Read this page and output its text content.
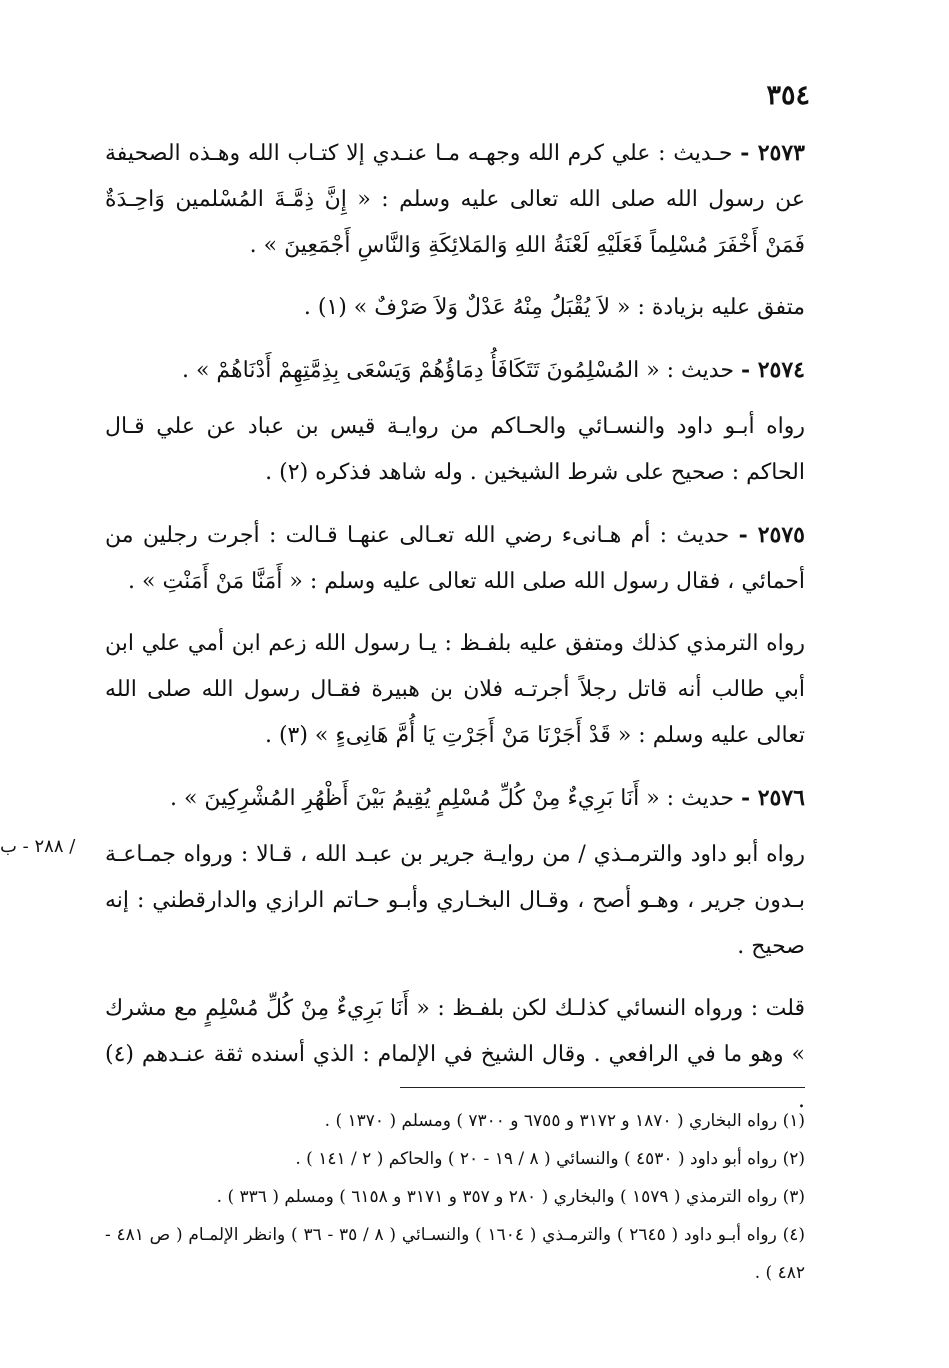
٣٥٤

٢٥٧٣ - حـديث : علي كرم الله وجهـه مـا عنـدي إلا كتـاب الله وهـذه الصحيفة عن رسول الله صلى الله تعالى عليه وسلم : « إِنَّ ذِمَّـةَ المُسْلمين وَاحِـدَةٌ فَمَنْ أَخْفَرَ مُسْلِماً فَعَلَيْهِ لَعْنَةُ اللهِ وَالمَلائِكَةِ وَالنَّاسِ أَجْمَعِينَ » .

متفق عليه بزيادة : « لاَ يُقْبَلُ مِنْهُ عَدْلٌ وَلاَ صَرْفٌ » (١) .

٢٥٧٤ - حديث : « المُسْلِمُونَ تَتَكَافَأُ دِمَاؤُهُمْ وَيَسْعَى بِذِمَّتِهِمْ أَدْنَاهُمْ » .

رواه أبـو داود والنسـائي والحـاكم من روايـة قيس بن عباد عن علي قـال الحاكم : صحيح على شرط الشيخين . وله شاهد فذكره (٢) .

٢٥٧٥ - حديث : أم هـانىء رضي الله تعـالى عنهـا قـالت : أجرت رجلين من أحمائي ، فقال رسول الله صلى الله تعالى عليه وسلم : « أَمَنَّا مَنْ أَمَنْتِ » .

رواه الترمذي كذلك ومتفق عليه بلفـظ : يـا رسول الله زعم ابن أمي علي ابن أبي طالب أنه قاتل رجلاً أجرتـه فلان بن هبيرة فقـال رسول الله صلى الله تعالى عليه وسلم : « قَدْ أَجَرْنَا مَنْ أَجَرْتِ يَا أُمَّ هَانِىءٍ » (٣) .

٢٥٧٦ - حديث : « أَنَا بَرِيءٌ مِنْ كُلِّ مُسْلِمٍ يُقِيمُ بَيْنَ أَظْهُرِ المُشْرِكِينَ » .

رواه أبو داود والترمـذي / من روايـة جرير بن عبـد الله ، قـالا : ورواه جمـاعـة بـدون جرير ، وهـو أصح ، وقـال البخـاري وأبـو حـاتم الرازي والدارقطني : إنه صحيح .

قلت : ورواه النسائي كذلـك لكن بلفـظ : « أَنَا بَرِيءٌ مِنْ كُلِّ مُسْلِمٍ مع مشرك » وهو ما في الرافعي . وقال الشيخ في الإلمام : الذي أسنده ثقة عنـدهم (٤) .

/ ٢٨٨ - ب

(١) رواه البخاري ( ١٨٧٠ و ٣١٧٢ و ٦٧٥٥ و ٧٣٠٠ ) ومسلم ( ١٣٧٠ ) .

(٢) رواه أبو داود ( ٤٥٣٠ ) والنسائي ( ٨ / ١٩ - ٢٠ ) والحاكم ( ٢ / ١٤١ ) .

(٣) رواه الترمذي ( ١٥٧٩ ) والبخاري ( ٢٨٠ و ٣٥٧ و ٣١٧١ و ٦١٥٨ ) ومسلم ( ٣٣٦ ) .

(٤) رواه أبـو داود ( ٢٦٤٥ ) والترمـذي ( ١٦٠٤ ) والنسـائي ( ٨ / ٣٥ - ٣٦ ) وانظر الإلمـام ( ص ٤٨١ - ٤٨٢ ) .
